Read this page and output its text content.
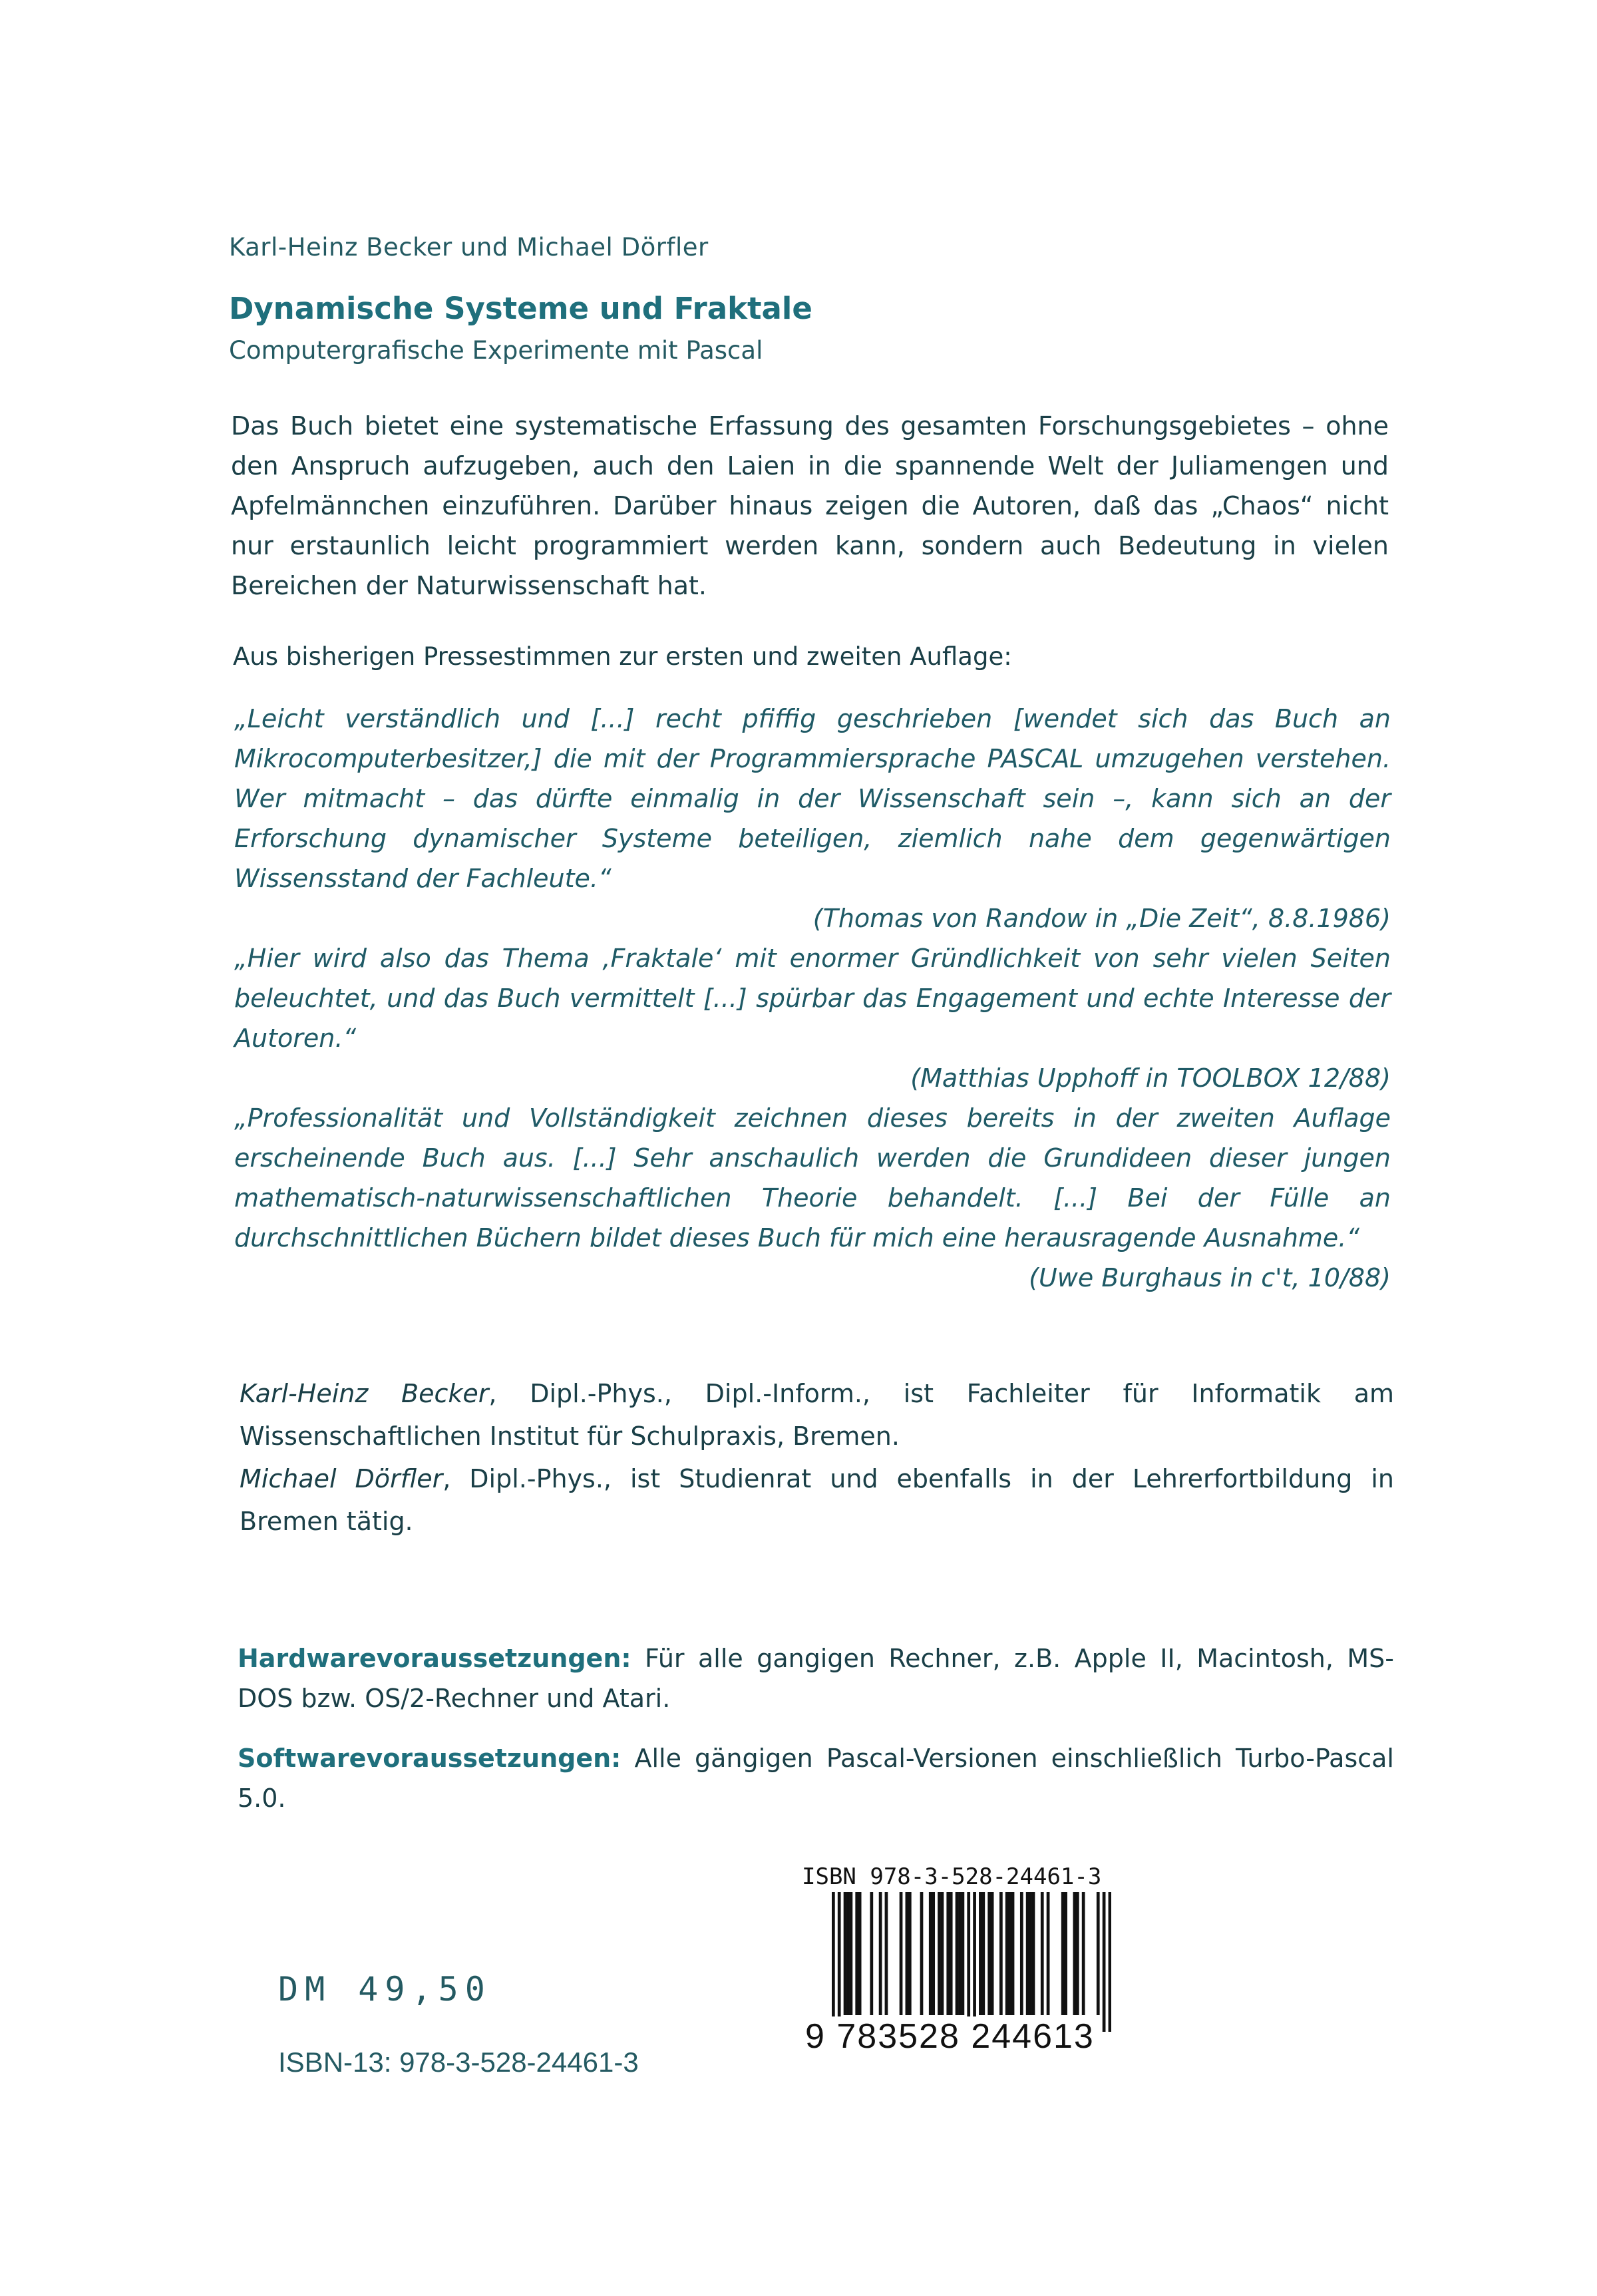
Karl-Heinz Becker und Michael Dörfler
Dynamische Systeme und Fraktale
Computergrafische Experimente mit Pascal
Das Buch bietet eine systematische Erfassung des gesamten Forschungsgebietes – ohne den Anspruch aufzugeben, auch den Laien in die spannende Welt der Juliamengen und Apfelmännchen einzuführen. Darüber hinaus zeigen die Autoren, daß das „Chaos“ nicht nur erstaunlich leicht programmiert werden kann, sondern auch Bedeutung in vielen Bereichen der Naturwissenschaft hat.
Aus bisherigen Pressestimmen zur ersten und zweiten Auflage:
„Leicht verständlich und [...] recht pfiffig geschrieben [wendet sich das Buch an Mikrocomputerbesitzer,] die mit der Programmiersprache PASCAL umzugehen verstehen. Wer mitmacht – das dürfte einmalig in der Wissenschaft sein –, kann sich an der Erforschung dynamischer Systeme beteiligen, ziemlich nahe dem gegenwärtigen Wissensstand der Fachleute.“
(Thomas von Randow in „Die Zeit“, 8.8.1986)
„Hier wird also das Thema ‚Fraktale‘ mit enormer Gründlichkeit von sehr vielen Seiten beleuchtet, und das Buch vermittelt [...] spürbar das Engagement und echte Interesse der Autoren.“
(Matthias Upphoff in TOOLBOX 12/88)
„Professionalität und Vollständigkeit zeichnen dieses bereits in der zweiten Auflage erscheinende Buch aus. [...] Sehr anschaulich werden die Grundideen dieser jungen mathematisch-naturwissenschaftlichen Theorie behandelt. [...] Bei der Fülle an durchschnittlichen Büchern bildet dieses Buch für mich eine herausragende Ausnahme.“
(Uwe Burghaus in c't, 10/88)

Karl-Heinz Becker, Dipl.-Phys., Dipl.-Inform., ist Fachleiter für Informatik am Wissenschaftlichen Institut für Schulpraxis, Bremen.

Michael Dörfler, Dipl.-Phys., ist Studienrat und ebenfalls in der Lehrerfortbildung in Bremen tätig.

Hardwarevoraussetzungen: Für alle gangigen Rechner, z.B. Apple II, Macintosh, MS-DOS bzw. OS/2-Rechner und Atari.
Softwarevoraussetzungen: Alle gängigen Pascal-Versionen einschließlich Turbo-Pascal 5.0.
DM 49,50
ISBN-13: 978-3-528-24461-3
ISBN 978-3-528-24461-3
9 783528 244613
